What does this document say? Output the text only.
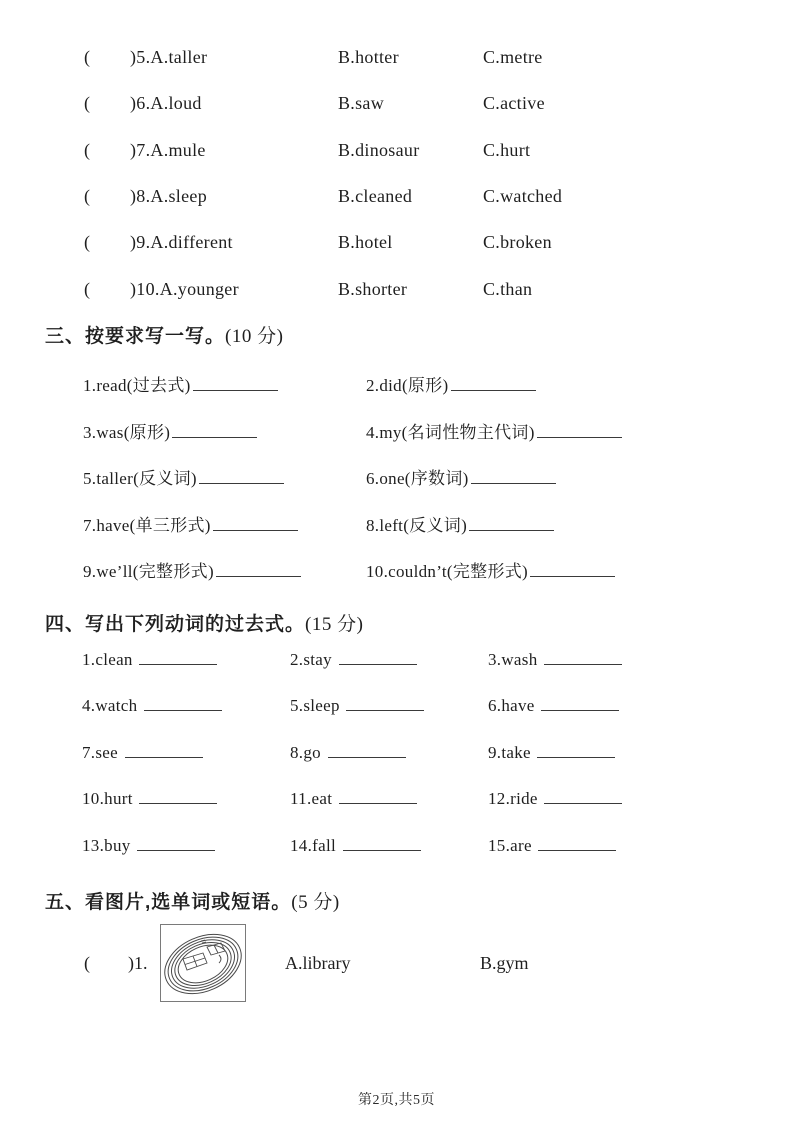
( )5.A.taller	B.hotter	C.metre
( )6.A.loud	B.saw	C.active
( )7.A.mule	B.dinosaur	C.hurt
( )8.A.sleep	B.cleaned	C.watched
( )9.A.different	B.hotel	C.broken
( )10.A.younger	B.shorter	C.than
三、按要求写一写。(10 分)
1.read(过去式)	2.did(原形)
3.was(原形)	4.my(名词性物主代词)
5.taller(反义词)	6.one(序数词)
7.have(单三形式)	8.left(反义词)
9.we’ll(完整形式)	10.couldn’t(完整形式)
四、写出下列动词的过去式。(15 分)
1.clean	2.stay	3.wash
4.watch	5.sleep	6.have
7.see	8.go	9.take
10.hurt	11.eat	12.ride
13.buy	14.fall	15.are
五、看图片,选单词或短语。(5 分)
( )1.	A.library	B.gym
第2页,共5页
